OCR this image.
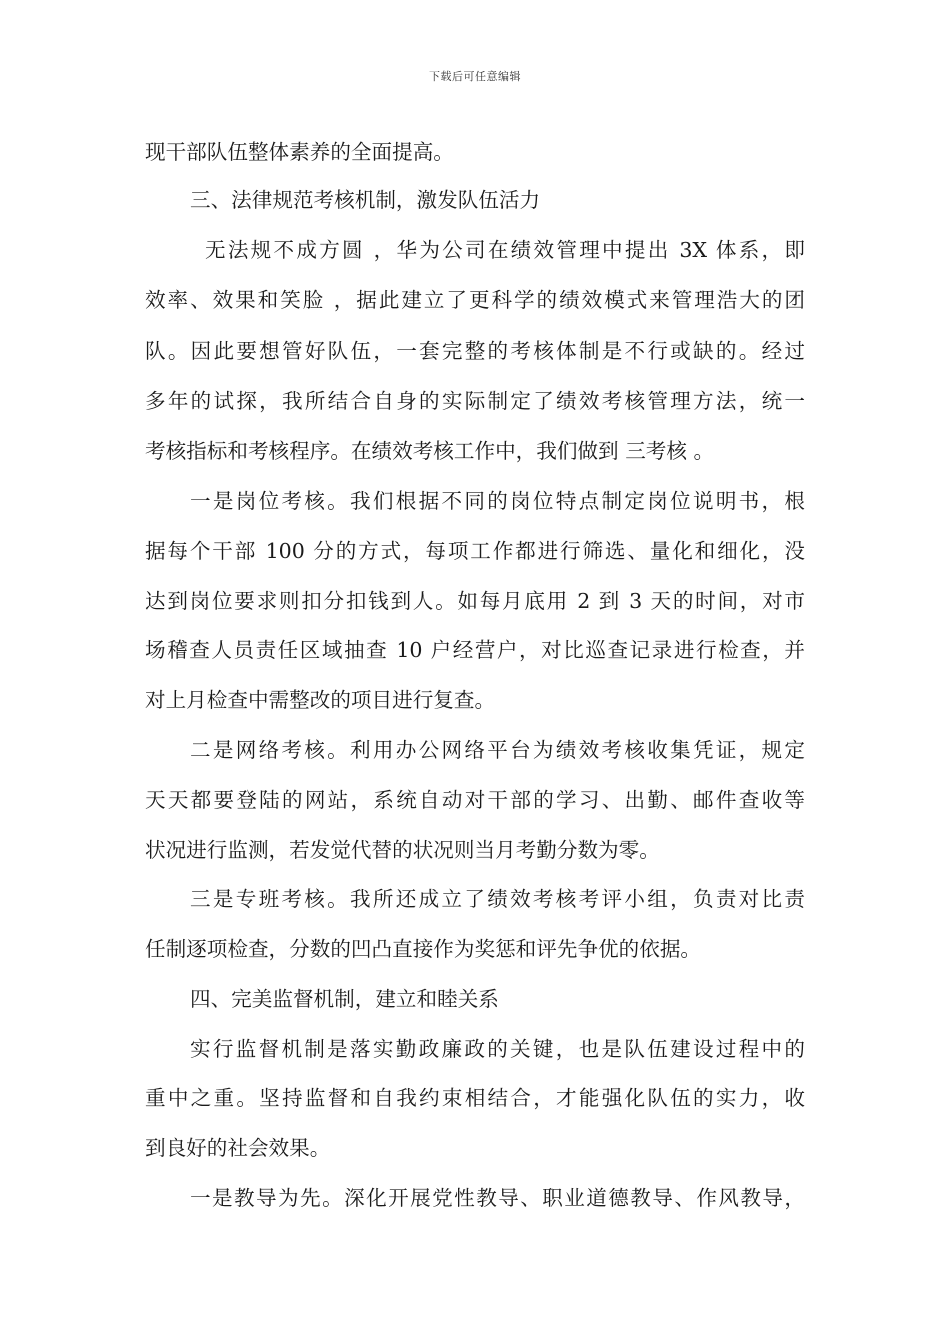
下载后可任意编辑
现干部队伍整体素养的全面提高。
三、法律规范考核机制，激发队伍活力
无法规不成方圆 ，华为公司在绩效管理中提出 3X 体系，即
效率、效果和笑脸 ，据此建立了更科学的绩效模式来管理浩大的团
队。因此要想管好队伍，一套完整的考核体制是不行或缺的。经过
多年的试探，我所结合自身的实际制定了绩效考核管理方法，统一
考核指标和考核程序。在绩效考核工作中，我们做到 三考核 。
一是岗位考核。我们根据不同的岗位特点制定岗位说明书，根
据每个干部 100 分的方式，每项工作都进行筛选、量化和细化，没
达到岗位要求则扣分扣钱到人。如每月底用 2 到 3 天的时间，对市
场稽查人员责任区域抽查 10 户经营户，对比巡查记录进行检查，并
对上月检查中需整改的项目进行复查。
二是网络考核。利用办公网络平台为绩效考核收集凭证，规定
天天都要登陆的网站，系统自动对干部的学习、出勤、邮件查收等
状况进行监测，若发觉代替的状况则当月考勤分数为零。
三是专班考核。我所还成立了绩效考核考评小组，负责对比责
任制逐项检查，分数的凹凸直接作为奖惩和评先争优的依据。
四、完美监督机制，建立和睦关系
实行监督机制是落实勤政廉政的关键，也是队伍建设过程中的
重中之重。坚持监督和自我约束相结合，才能强化队伍的实力，收
到良好的社会效果。
一是教导为先。深化开展党性教导、职业道德教导、作风教导，
